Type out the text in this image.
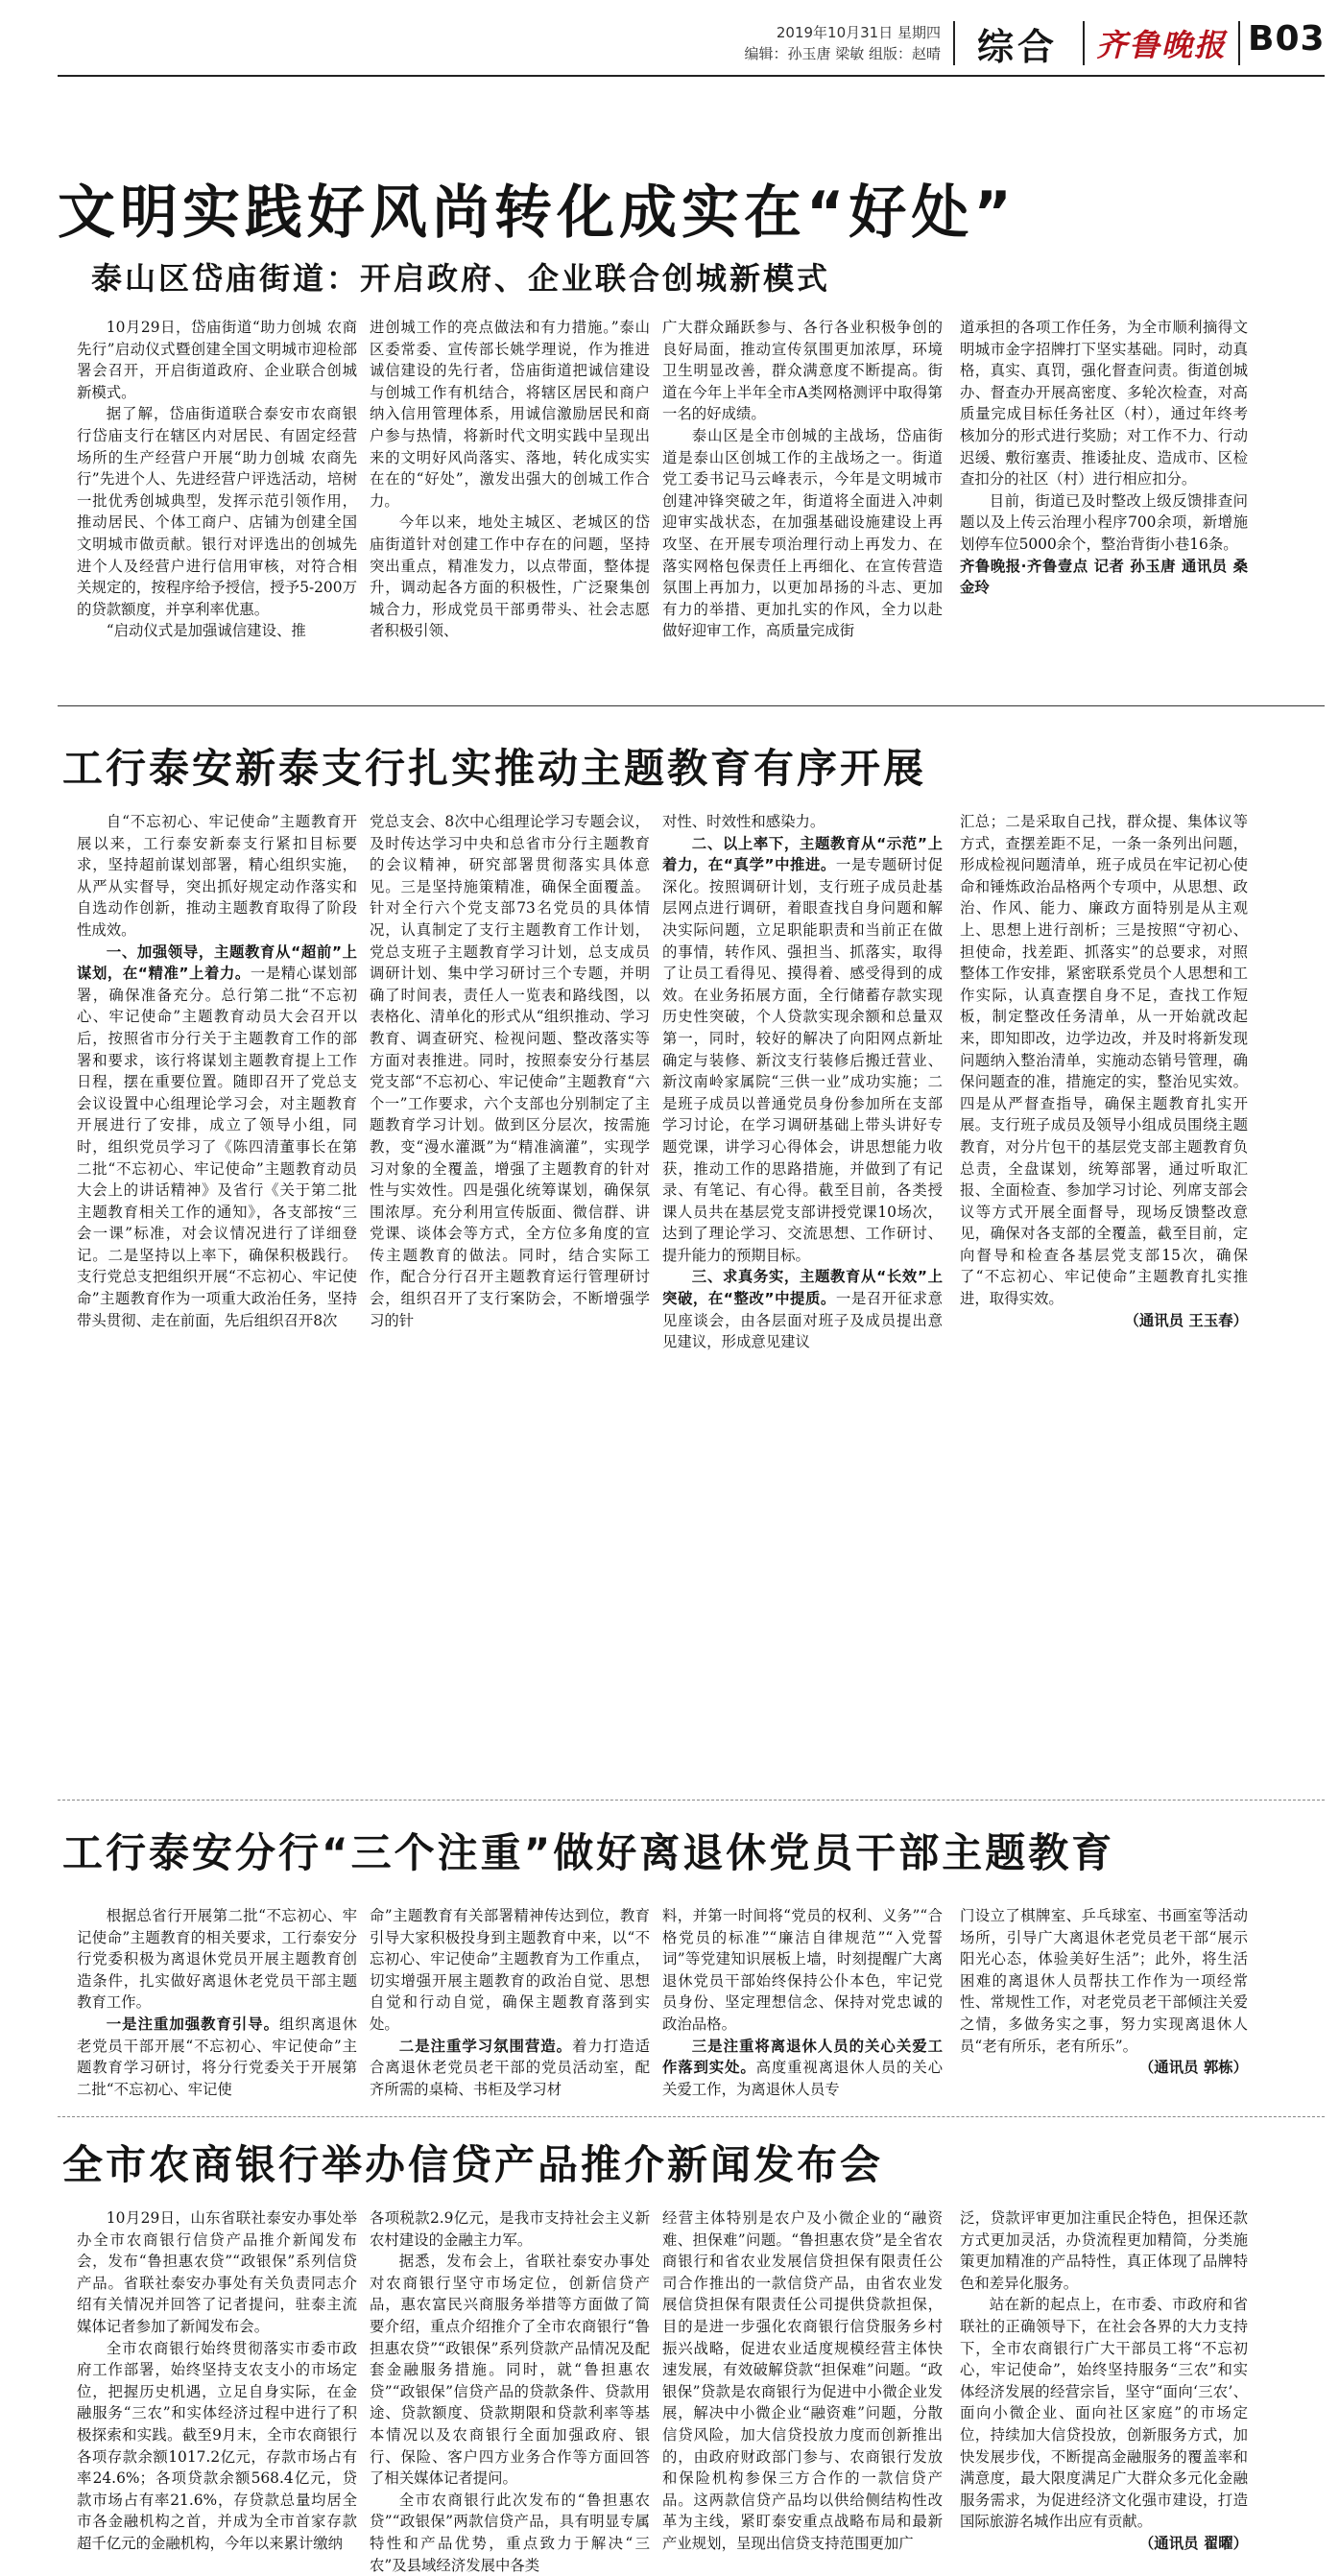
2019年10月31日 星期四
编辑：孙玉唐 梁敏 组版：赵晴 综合 齐鲁晚报 B03
文明实践好风尚转化成实在“好处”
泰山区岱庙街道：开启政府、企业联合创城新模式

10月29日，岱庙街道“助力创城 农商先行”启动仪式暨创建全国文明城市迎检部署会召开，开启街道政府、企业联合创城新模式。

据了解，岱庙街道联合泰安市农商银行岱庙支行在辖区内对居民、有固定经营场所的生产经营户开展“助力创城 农商先行”先进个人、先进经营户评选活动，培树一批优秀创城典型，发挥示范引领作用，推动居民、个体工商户、店铺为创建全国文明城市做贡献。银行对评选出的创城先进个人及经营户进行信用审核，对符合相关规定的，按程序给予授信，授予5-200万的贷款额度，并享利率优惠。

“启动仪式是加强诚信建设、推

进创城工作的亮点做法和有力措施。”泰山区委常委、宣传部长姚学理说，作为推进诚信建设的先行者，岱庙街道把诚信建设与创城工作有机结合，将辖区居民和商户纳入信用管理体系，用诚信激励居民和商户参与热情，将新时代文明实践中呈现出来的文明好风尚落实、落地，转化成实实在在的“好处”，激发出强大的创城工作合力。

今年以来，地处主城区、老城区的岱庙街道针对创建工作中存在的问题，坚持突出重点，精准发力，以点带面，整体提升，调动起各方面的积极性，广泛聚集创城合力，形成党员干部勇带头、社会志愿者积极引领、

广大群众踊跃参与、各行各业积极争创的良好局面，推动宣传氛围更加浓厚，环境卫生明显改善，群众满意度不断提高。街道在今年上半年全市A类网格测评中取得第一名的好成绩。

泰山区是全市创城的主战场，岱庙街道是泰山区创城工作的主战场之一。街道党工委书记马云峰表示，今年是文明城市创建冲锋突破之年，街道将全面进入冲刺迎审实战状态，在加强基础设施建设上再攻坚、在开展专项治理行动上再发力、在落实网格包保责任上再细化、在宣传营造氛围上再加力，以更加昂扬的斗志、更加有力的举措、更加扎实的作风，全力以赴做好迎审工作，高质量完成街

道承担的各项工作任务，为全市顺利摘得文明城市金字招牌打下坚实基础。同时，动真格，真实、真罚，强化督查问责。街道创城办、督查办开展高密度、多轮次检查，对高质量完成目标任务社区（村），通过年终考核加分的形式进行奖励；对工作不力、行动迟缓、敷衍塞责、推诿扯皮、造成市、区检查扣分的社区（村）进行相应扣分。

目前，街道已及时整改上级反馈排查问题以及上传云治理小程序700余项，新增施划停车位5000余个，整治背街小巷16条。

齐鲁晚报·齐鲁壹点 记者 孙玉唐 通讯员 桑金玲

工行泰安新泰支行扎实推动主题教育有序开展

自“不忘初心、牢记使命”主题教育开展以来，工行泰安新泰支行紧扣目标要求，坚持超前谋划部署，精心组织实施，从严从实督导，突出抓好规定动作落实和自选动作创新，推动主题教育取得了阶段性成效。

一、加强领导，主题教育从“超前”上谋划，在“精准”上着力。一是精心谋划部署，确保准备充分。总行第二批“不忘初心、牢记使命”主题教育动员大会召开以后，按照省市分行关于主题教育工作的部署和要求，该行将谋划主题教育提上工作日程，摆在重要位置。随即召开了党总支会议设置中心组理论学习会，对主题教育开展进行了安排，成立了领导小组，同时，组织党员学习了《陈四清董事长在第二批“不忘初心、牢记使命”主题教育动员大会上的讲话精神》及省行《关于第二批主题教育相关工作的通知》，各支部按“三会一课”标准，对会议情况进行了详细登记。二是坚持以上率下，确保积极践行。支行党总支把组织开展“不忘初心、牢记使命”主题教育作为一项重大政治任务，坚持带头贯彻、走在前面，先后组织召开8次

党总支会、8次中心组理论学习专题会议，及时传达学习中央和总省市分行主题教育的会议精神，研究部署贯彻落实具体意见。三是坚持施策精准，确保全面覆盖。针对全行六个党支部73名党员的具体情况，认真制定了支行主题教育工作计划，党总支班子主题教育学习计划，总支成员调研计划、集中学习研讨三个专题，并明确了时间表，责任人一览表和路线图，以表格化、清单化的形式从“组织推动、学习教育、调查研究、检视问题、整改落实等方面对表推进。同时，按照泰安分行基层党支部“不忘初心、牢记使命”主题教育“六个一”工作要求，六个支部也分别制定了主题教育学习计划。做到区分层次，按需施教，变“漫水灌溉”为“精准滴灌”，实现学习对象的全覆盖，增强了主题教育的针对性与实效性。四是强化统筹谋划，确保氛围浓厚。充分利用宣传版面、微信群、讲党课、谈体会等方式，全方位多角度的宣传主题教育的做法。同时，结合实际工作，配合分行召开主题教育运行管理研讨会，组织召开了支行案防会，不断增强学习的针

对性、时效性和感染力。

二、以上率下，主题教育从“示范”上着力，在“真学”中推进。一是专题研讨促深化。按照调研计划，支行班子成员赴基层网点进行调研，着眼查找自身问题和解决实际问题，立足职能职责和当前正在做的事情，转作风、强担当、抓落实，取得了让员工看得见、摸得着、感受得到的成效。在业务拓展方面，全行储蓄存款实现历史性突破，个人贷款实现余额和总量双第一，同时，较好的解决了向阳网点新址确定与装修、新汶支行装修后搬迁营业、新汶南岭家属院“三供一业”成功实施；二是班子成员以普通党员身份参加所在支部学习讨论，在学习调研基础上带头讲好专题党课，讲学习心得体会，讲思想能力收获，推动工作的思路措施，并做到了有记录、有笔记、有心得。截至目前，各类授课人员共在基层党支部讲授党课10场次，达到了理论学习、交流思想、工作研讨、提升能力的预期目标。

三、求真务实，主题教育从“长效”上突破，在“整改”中提质。一是召开征求意见座谈会，由各层面对班子及成员提出意见建议，形成意见建议

汇总；二是采取自己找，群众提、集体议等方式，查摆差距不足，一条一条列出问题，形成检视问题清单，班子成员在牢记初心使命和锤炼政治品格两个专项中，从思想、政治、作风、能力、廉政方面特别是从主观上、思想上进行剖析；三是按照“守初心、担使命，找差距、抓落实”的总要求，对照整体工作安排，紧密联系党员个人思想和工作实际，认真查摆自身不足，查找工作短板，制定整改任务清单，从一开始就改起来，即知即改，边学边改，并及时将新发现问题纳入整治清单，实施动态销号管理，确保问题查的准，措施定的实，整治见实效。四是从严督查指导，确保主题教育扎实开展。支行班子成员及领导小组成员围绕主题教育，对分片包干的基层党支部主题教育负总责，全盘谋划，统筹部署，通过听取汇报、全面检查、参加学习讨论、列席支部会议等方式开展全面督导，现场反馈整改意见，确保对各支部的全覆盖，截至目前，定向督导和检查各基层党支部15次，确保了“不忘初心、牢记使命”主题教育扎实推进，取得实效。

（通讯员 王玉春）

工行泰安分行“三个注重”做好离退休党员干部主题教育

根据总省行开展第二批“不忘初心、牢记使命”主题教育的相关要求，工行泰安分行党委积极为离退休党员开展主题教育创造条件，扎实做好离退休老党员干部主题教育工作。

一是注重加强教育引导。组织离退休老党员干部开展“不忘初心、牢记使命”主题教育学习研讨，将分行党委关于开展第二批“不忘初心、牢记使

命”主题教育有关部署精神传达到位，教育引导大家积极投身到主题教育中来，以“不忘初心、牢记使命”主题教育为工作重点，切实增强开展主题教育的政治自觉、思想自觉和行动自觉，确保主题教育落到实处。

二是注重学习氛围营造。着力打造适合离退休老党员老干部的党员活动室，配齐所需的桌椅、书柜及学习材

料，并第一时间将“党员的权利、义务”“合格党员的标准”“廉洁自律规范”“入党誓词”等党建知识展板上墙，时刻提醒广大离退休党员干部始终保持公仆本色，牢记党员身份、坚定理想信念、保持对党忠诚的政治品格。

三是注重将离退休人员的关心关爱工作落到实处。高度重视离退休人员的关心关爱工作，为离退休人员专

门设立了棋牌室、乒乓球室、书画室等活动场所，引导广大离退休老党员老干部“展示阳光心态，体验美好生活”；此外，将生活困难的离退休人员帮扶工作作为一项经常性、常规性工作，对老党员老干部倾注关爱之情，多做务实之事，努力实现离退休人员“老有所乐，老有所乐”。

（通讯员 郭栋）

全市农商银行举办信贷产品推介新闻发布会

10月29日，山东省联社泰安办事处举办全市农商银行信贷产品推介新闻发布会，发布“鲁担惠农贷”“政银保”系列信贷产品。省联社泰安办事处有关负责同志介绍有关情况并回答了记者提问，驻泰主流媒体记者参加了新闻发布会。

全市农商银行始终贯彻落实市委市政府工作部署，始终坚持支农支小的市场定位，把握历史机遇，立足自身实际，在金融服务“三农”和实体经济过程中进行了积极探索和实践。截至9月末，全市农商银行各项存款余额1017.2亿元，存款市场占有率24.6%；各项贷款余额568.4亿元，贷款市场占有率21.6%，存贷款总量均居全市各金融机构之首，并成为全市首家存款超千亿元的金融机构，今年以来累计缴纳

各项税款2.9亿元，是我市支持社会主义新农村建设的金融主力军。

据悉，发布会上，省联社泰安办事处对农商银行坚守市场定位，创新信贷产品，惠农富民兴商服务举措等方面做了简要介绍，重点介绍推介了全市农商银行“鲁担惠农贷”“政银保”系列贷款产品情况及配套金融服务措施。同时，就“鲁担惠农贷”“政银保”信贷产品的贷款条件、贷款用途、贷款额度、贷款期限和贷款利率等基本情况以及农商银行全面加强政府、银行、保险、客户四方业务合作等方面回答了相关媒体记者提问。

全市农商银行此次发布的“鲁担惠农贷”“政银保”两款信贷产品，具有明显专属特性和产品优势，重点致力于解决“三农”及县域经济发展中各类

经营主体特别是农户及小微企业的“融资难、担保难”问题。“鲁担惠农贷”是全省农商银行和省农业发展信贷担保有限责任公司合作推出的一款信贷产品，由省农业发展信贷担保有限责任公司提供贷款担保，目的是进一步强化农商银行信贷服务乡村振兴战略，促进农业适度规模经营主体快速发展，有效破解贷款“担保难”问题。“政银保”贷款是农商银行为促进中小微企业发展，解决中小微企业“融资难”问题，分散信贷风险，加大信贷投放力度而创新推出的，由政府财政部门参与、农商银行发放和保险机构参保三方合作的一款信贷产品。这两款信贷产品均以供给侧结构性改革为主线，紧盯泰安重点战略布局和最新产业规划，呈现出信贷支持范围更加广

泛，贷款评审更加注重民企特色，担保还款方式更加灵活，办贷流程更加精简，分类施策更加精准的产品特性，真正体现了品牌特色和差异化服务。

站在新的起点上，在市委、市政府和省联社的正确领导下，在社会各界的大力支持下，全市农商银行广大干部员工将“不忘初心，牢记使命”，始终坚持服务“三农”和实体经济发展的经营宗旨，坚守“面向‘三农’、面向小微企业、面向社区家庭”的市场定位，持续加大信贷投放，创新服务方式，加快发展步伐，不断提高金融服务的覆盖率和满意度，最大限度满足广大群众多元化金融服务需求，为促进经济文化强市建设，打造国际旅游名城作出应有贡献。

（通讯员 翟曜）
